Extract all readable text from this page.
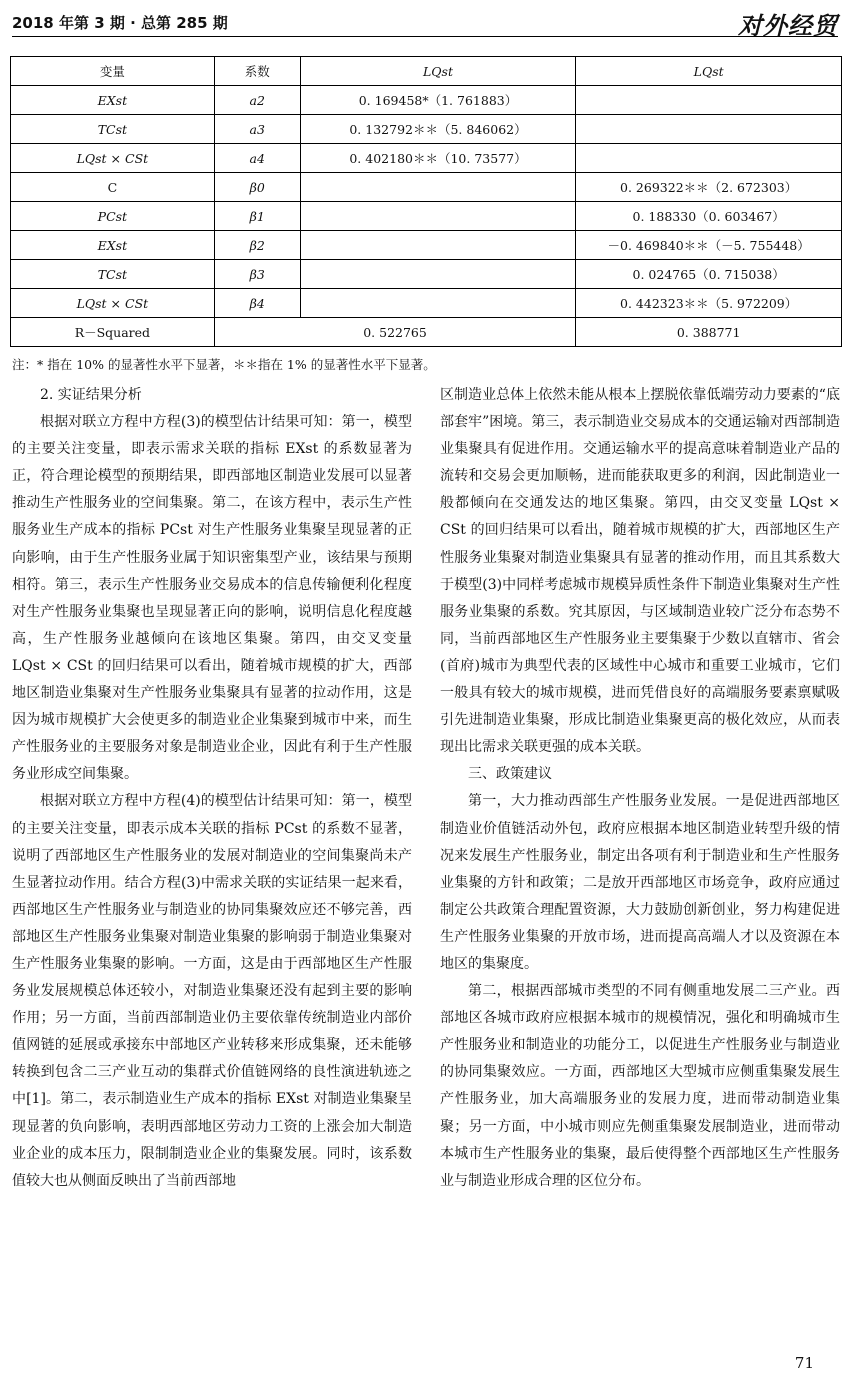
2018 年第 3 期 · 总第 285 期	对外经贸
变量	系数	LQst	LQst
EXst	a2	0. 169458*（1. 761883）	
TCst	a3	0. 132792＊＊（5. 846062）	
LQst × CSt	a4	0. 402180＊＊（10. 73577）	
C	β0		0. 269322＊＊（2. 672303）
PCst	β1		0. 188330（0. 603467）
EXst	β2		－0. 469840＊＊（－5. 755448）
TCst	β3		0. 024765（0. 715038）
LQst × CSt	β4		0. 442323＊＊（5. 972209）
R－Squared	0. 522765		0. 388771
注：* 指在 10% 的显著性水平下显著，＊＊指在 1% 的显著性水平下显著。

2. 实证结果分析

根据对联立方程中方程(3)的模型估计结果可知：第一，模型的主要关注变量，即表示需求关联的指标 EXst 的系数显著为正，符合理论模型的预期结果，即西部地区制造业发展可以显著推动生产性服务业的空间集聚。第二，在该方程中，表示生产性服务业生产成本的指标 PCst 对生产性服务业集聚呈现显著的正向影响，由于生产性服务业属于知识密集型产业，该结果与预期相符。第三，表示生产性服务业交易成本的信息传输便利化程度对生产性服务业集聚也呈现显著正向的影响，说明信息化程度越高，生产性服务业越倾向在该地区集聚。第四，由交叉变量 LQst × CSt 的回归结果可以看出，随着城市规模的扩大，西部地区制造业集聚对生产性服务业集聚具有显著的拉动作用，这是因为城市规模扩大会使更多的制造业企业集聚到城市中来，而生产性服务业的主要服务对象是制造业企业，因此有利于生产性服务业形成空间集聚。

根据对联立方程中方程(4)的模型估计结果可知：第一，模型的主要关注变量，即表示成本关联的指标 PCst 的系数不显著，说明了西部地区生产性服务业的发展对制造业的空间集聚尚未产生显著拉动作用。结合方程(3)中需求关联的实证结果一起来看，西部地区生产性服务业与制造业的协同集聚效应还不够完善，西部地区生产性服务业集聚对制造业集聚的影响弱于制造业集聚对生产性服务业集聚的影响。一方面，这是由于西部地区生产性服务业发展规模总体还较小，对制造业集聚还没有起到主要的影响作用；另一方面，当前西部制造业仍主要依靠传统制造业内部价值网链的延展或承接东中部地区产业转移来形成集聚，还未能够转换到包含二三产业互动的集群式价值链网络的良性演进轨迹之中[1]。第二，表示制造业生产成本的指标 EXst 对制造业集聚呈现显著的负向影响，表明西部地区劳动力工资的上涨会加大制造业企业的成本压力，限制制造业企业的集聚发展。同时，该系数值较大也从侧面反映出了当前西部地

区制造业总体上依然未能从根本上摆脱依靠低端劳动力要素的“底部套牢”困境。第三，表示制造业交易成本的交通运输对西部制造业集聚具有促进作用。交通运输水平的提高意味着制造业产品的流转和交易会更加顺畅，进而能获取更多的利润，因此制造业一般都倾向在交通发达的地区集聚。第四，由交叉变量 LQst × CSt 的回归结果可以看出，随着城市规模的扩大，西部地区生产性服务业集聚对制造业集聚具有显著的推动作用，而且其系数大于模型(3)中同样考虑城市规模异质性条件下制造业集聚对生产性服务业集聚的系数。究其原因，与区域制造业较广泛分布态势不同，当前西部地区生产性服务业主要集聚于少数以直辖市、省会(首府)城市为典型代表的区域性中心城市和重要工业城市，它们一般具有较大的城市规模，进而凭借良好的高端服务要素禀赋吸引先进制造业集聚，形成比制造业集聚更高的极化效应，从而表现出比需求关联更强的成本关联。

三、政策建议

第一，大力推动西部生产性服务业发展。一是促进西部地区制造业价值链活动外包，政府应根据本地区制造业转型升级的情况来发展生产性服务业，制定出各项有利于制造业和生产性服务业集聚的方针和政策；二是放开西部地区市场竞争，政府应通过制定公共政策合理配置资源，大力鼓励创新创业，努力构建促进生产性服务业集聚的开放市场，进而提高高端人才以及资源在本地区的集聚度。

第二，根据西部城市类型的不同有侧重地发展二三产业。西部地区各城市政府应根据本城市的规模情况，强化和明确城市生产性服务业和制造业的功能分工，以促进生产性服务业与制造业的协同集聚效应。一方面，西部地区大型城市应侧重集聚发展生产性服务业，加大高端服务业的发展力度，进而带动制造业集聚；另一方面，中小城市则应先侧重集聚发展制造业，进而带动本城市生产性服务业的集聚，最后使得整个西部地区生产性服务业与制造业形成合理的区位分布。

71
